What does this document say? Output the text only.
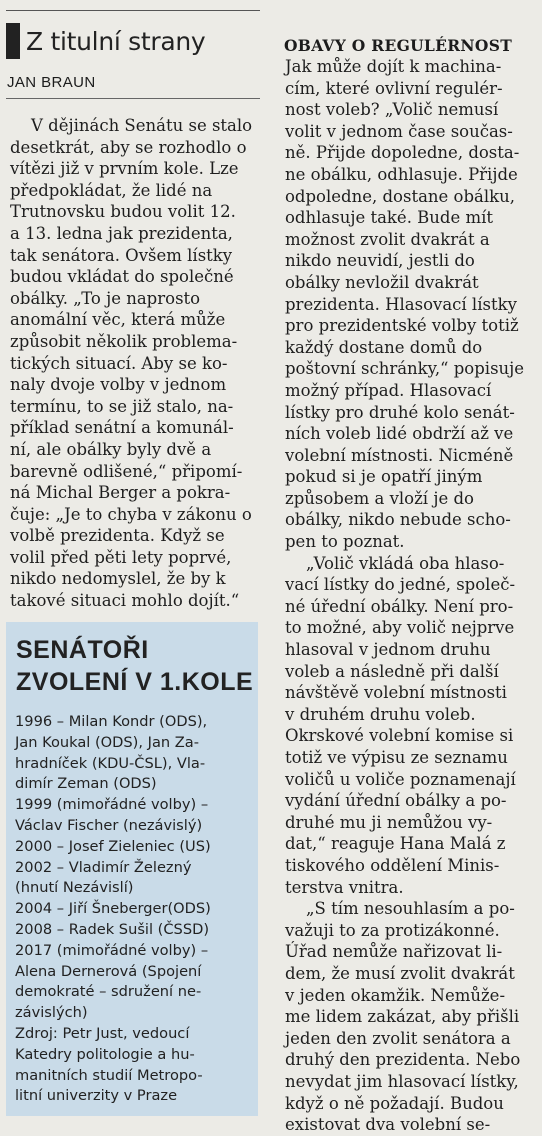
Z titulní strany
JAN BRAUN
V dějinách Senátu se stalo
desetkrát, aby se rozhodlo o
vítězi již v prvním kole. Lze
předpokládat, že lidé na
Trutnovsku budou volit 12.
a 13. ledna jak prezidenta,
tak senátora. Ovšem lístky
budou vkládat do společné
obálky. „To je naprosto
anomální věc, která může
způsobit několik problema-
tických situací. Aby se ko-
naly dvoje volby v jednom
termínu, to se již stalo, na-
příklad senátní a komunál-
ní, ale obálky byly dvě a
barevně odlišené,“ připomí-
ná Michal Berger a pokra-
čuje: „Je to chyba v zákonu o
volbě prezidenta. Když se
volil před pěti lety poprvé,
nikdo nedomyslel, že by k
takové situaci mohlo dojít.“
SENÁTOŘI
ZVOLENÍ V 1.KOLE
1996 – Milan Kondr (ODS),
Jan Koukal (ODS), Jan Za-
hradníček (KDU-ČSL), Vla-
dimír Zeman (ODS)
1999 (mimořádné volby) –
Václav Fischer (nezávislý)
2000 – Josef Zieleniec (US)
2002 – Vladimír Železný
(hnutí Nezávislí)
2004 – Jiří Šneberger(ODS)
2008 – Radek Sušil (ČSSD)
2017 (mimořádné volby) –
Alena Dernerová (Spojení
demokraté – sdružení ne-
závislých)
Zdroj: Petr Just, vedoucí
Katedry politologie a hu-
manitních studií Metropo-
litní univerzity v Praze
OBAVY O REGULÉRNOST
Jak může dojít k machina-
cím, které ovlivní regulér-
nost voleb? „Volič nemusí
volit v jednom čase součas-
ně. Přijde dopoledne, dosta-
ne obálku, odhlasuje. Přijde
odpoledne, dostane obálku,
odhlasuje také. Bude mít
možnost zvolit dvakrát a
nikdo neuvidí, jestli do
obálky nevložil dvakrát
prezidenta. Hlasovací lístky
pro prezidentské volby totiž
každý dostane domů do
poštovní schránky,“ popisuje
možný případ. Hlasovací
lístky pro druhé kolo senát-
ních voleb lidé obdrží až ve
volební místnosti. Nicméně
pokud si je opatří jiným
způsobem a vloží je do
obálky, nikdo nebude scho-
pen to poznat.
„Volič vkládá oba hlaso-
vací lístky do jedné, společ-
né úřední obálky. Není pro-
to možné, aby volič nejprve
hlasoval v jednom druhu
voleb a následně při další
návštěvě volební místnosti
v druhém druhu voleb.
Okrskové volební komise si
totiž ve výpisu ze seznamu
voličů u voliče poznamenají
vydání úřední obálky a po-
druhé mu ji nemůžou vy-
dat,“ reaguje Hana Malá z
tiskového oddělení Minis-
terstva vnitra.
„S tím nesouhlasím a po-
važuji to za protizákonné.
Úřad nemůže nařizovat li-
dem, že musí zvolit dvakrát
v jeden okamžik. Nemůže-
me lidem zakázat, aby přišli
jeden den zvolit senátora a
druhý den prezidenta. Nebo
nevydat jim hlasovací lístky,
když o ně požadají. Budou
existovat dva volební se-
